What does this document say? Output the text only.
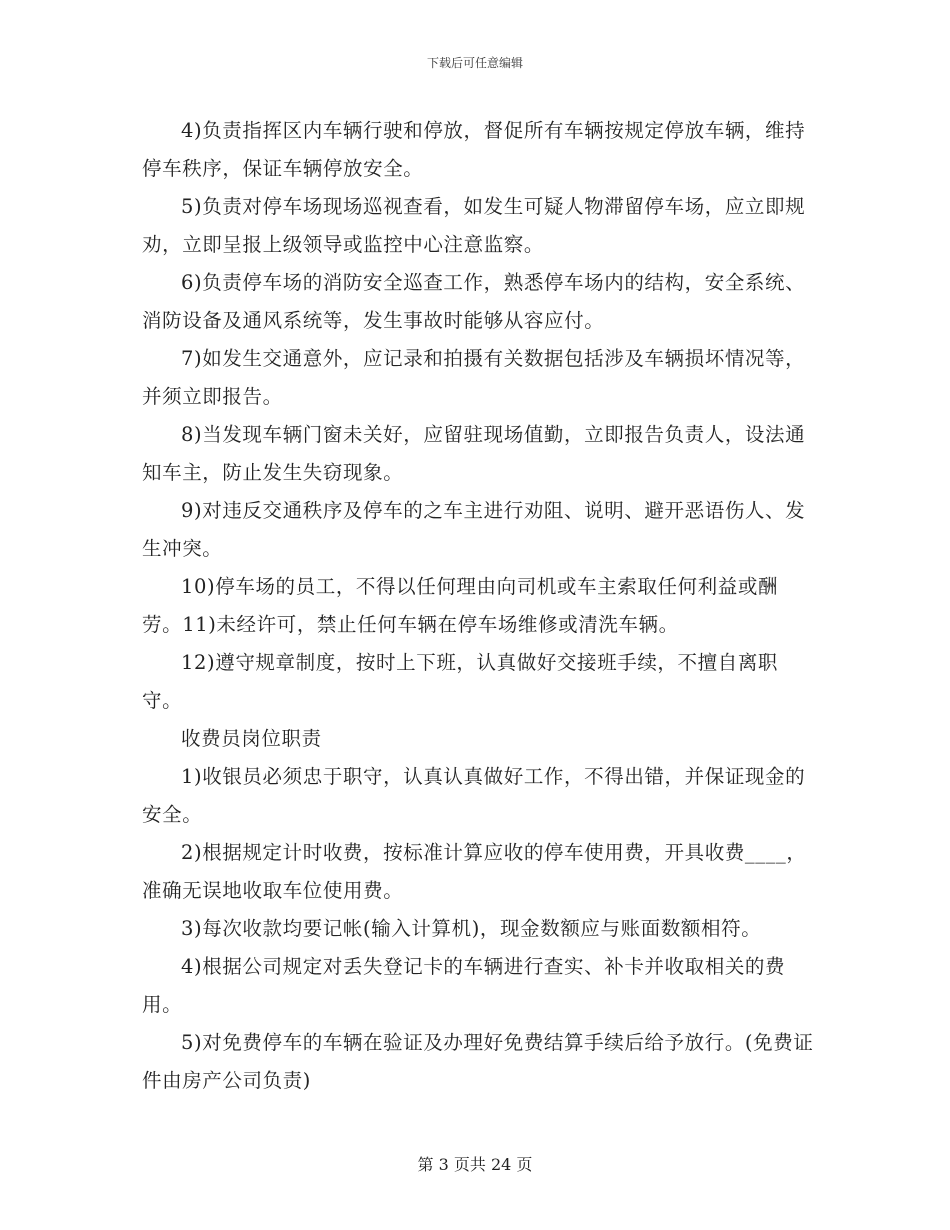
下载后可任意编辑

4)负责指挥区内车辆行驶和停放，督促所有车辆按规定停放车辆，维持停车秩序，保证车辆停放安全。

5)负责对停车场现场巡视查看，如发生可疑人物滞留停车场，应立即规劝，立即呈报上级领导或监控中心注意监察。

6)负责停车场的消防安全巡查工作，熟悉停车场内的结构，安全系统、消防设备及通风系统等，发生事故时能够从容应付。

7)如发生交通意外，应记录和拍摄有关数据包括涉及车辆损坏情况等，并须立即报告。

8)当发现车辆门窗未关好，应留驻现场值勤，立即报告负责人，设法通知车主，防止发生失窃现象。

9)对违反交通秩序及停车的之车主进行劝阻、说明、避开恶语伤人、发生冲突。

10)停车场的员工，不得以任何理由向司机或车主索取任何利益或酬劳。11)未经许可，禁止任何车辆在停车场维修或清洗车辆。

12)遵守规章制度，按时上下班，认真做好交接班手续，不擅自离职守。

收费员岗位职责

1)收银员必须忠于职守，认真认真做好工作，不得出错，并保证现金的安全。

2)根据规定计时收费，按标准计算应收的停车使用费，开具收费____，准确无误地收取车位使用费。

3)每次收款均要记帐(输入计算机)，现金数额应与账面数额相符。

4)根据公司规定对丢失登记卡的车辆进行查实、补卡并收取相关的费用。

5)对免费停车的车辆在验证及办理好免费结算手续后给予放行。(免费证件由房产公司负责)

第 3 页共 24 页
